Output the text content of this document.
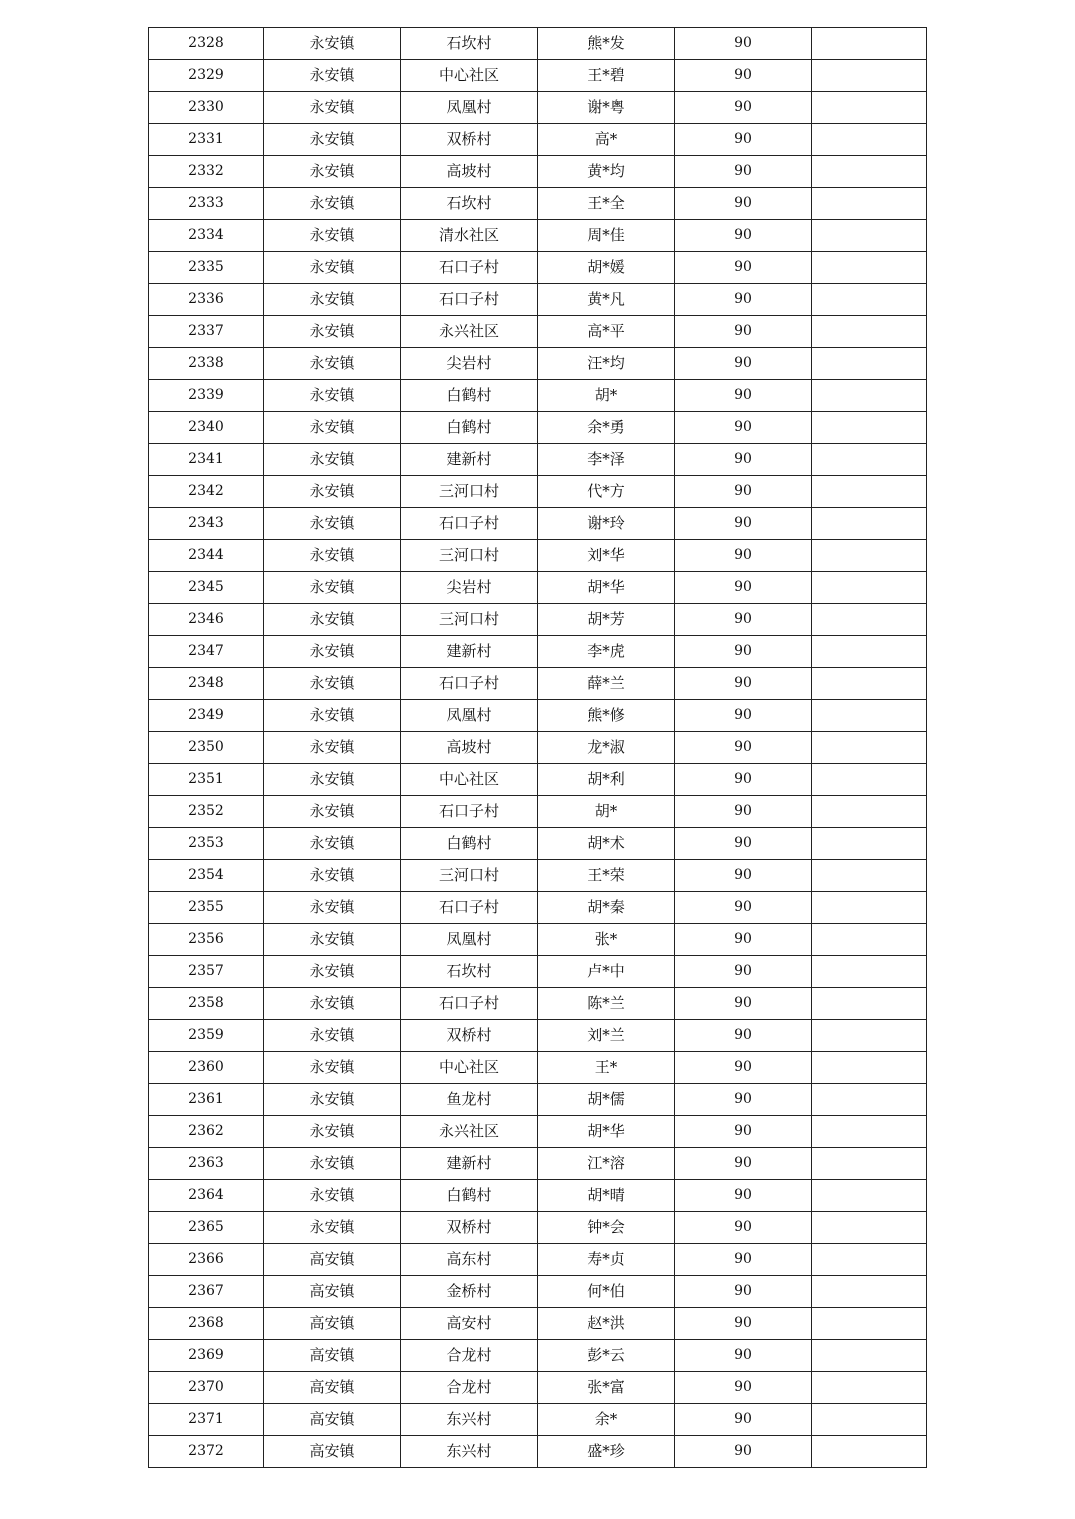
2328	永安镇	石坎村	熊*发	90	
2329	永安镇	中心社区	王*碧	90	
2330	永安镇	凤凰村	谢*粤	90	
2331	永安镇	双桥村	高*	90	
2332	永安镇	高坡村	黄*均	90	
2333	永安镇	石坎村	王*全	90	
2334	永安镇	清水社区	周*佳	90	
2335	永安镇	石口子村	胡*媛	90	
2336	永安镇	石口子村	黄*凡	90	
2337	永安镇	永兴社区	高*平	90	
2338	永安镇	尖岩村	汪*均	90	
2339	永安镇	白鹤村	胡*	90	
2340	永安镇	白鹤村	余*勇	90	
2341	永安镇	建新村	李*泽	90	
2342	永安镇	三河口村	代*方	90	
2343	永安镇	石口子村	谢*玲	90	
2344	永安镇	三河口村	刘*华	90	
2345	永安镇	尖岩村	胡*华	90	
2346	永安镇	三河口村	胡*芳	90	
2347	永安镇	建新村	李*虎	90	
2348	永安镇	石口子村	薛*兰	90	
2349	永安镇	凤凰村	熊*修	90	
2350	永安镇	高坡村	龙*淑	90	
2351	永安镇	中心社区	胡*利	90	
2352	永安镇	石口子村	胡*	90	
2353	永安镇	白鹤村	胡*术	90	
2354	永安镇	三河口村	王*荣	90	
2355	永安镇	石口子村	胡*秦	90	
2356	永安镇	凤凰村	张*	90	
2357	永安镇	石坎村	卢*中	90	
2358	永安镇	石口子村	陈*兰	90	
2359	永安镇	双桥村	刘*兰	90	
2360	永安镇	中心社区	王*	90	
2361	永安镇	鱼龙村	胡*儒	90	
2362	永安镇	永兴社区	胡*华	90	
2363	永安镇	建新村	江*溶	90	
2364	永安镇	白鹤村	胡*晴	90	
2365	永安镇	双桥村	钟*会	90	
2366	高安镇	高东村	寿*贞	90	
2367	高安镇	金桥村	何*伯	90	
2368	高安镇	高安村	赵*洪	90	
2369	高安镇	合龙村	彭*云	90	
2370	高安镇	合龙村	张*富	90	
2371	高安镇	东兴村	余*	90	
2372	高安镇	东兴村	盛*珍	90	
